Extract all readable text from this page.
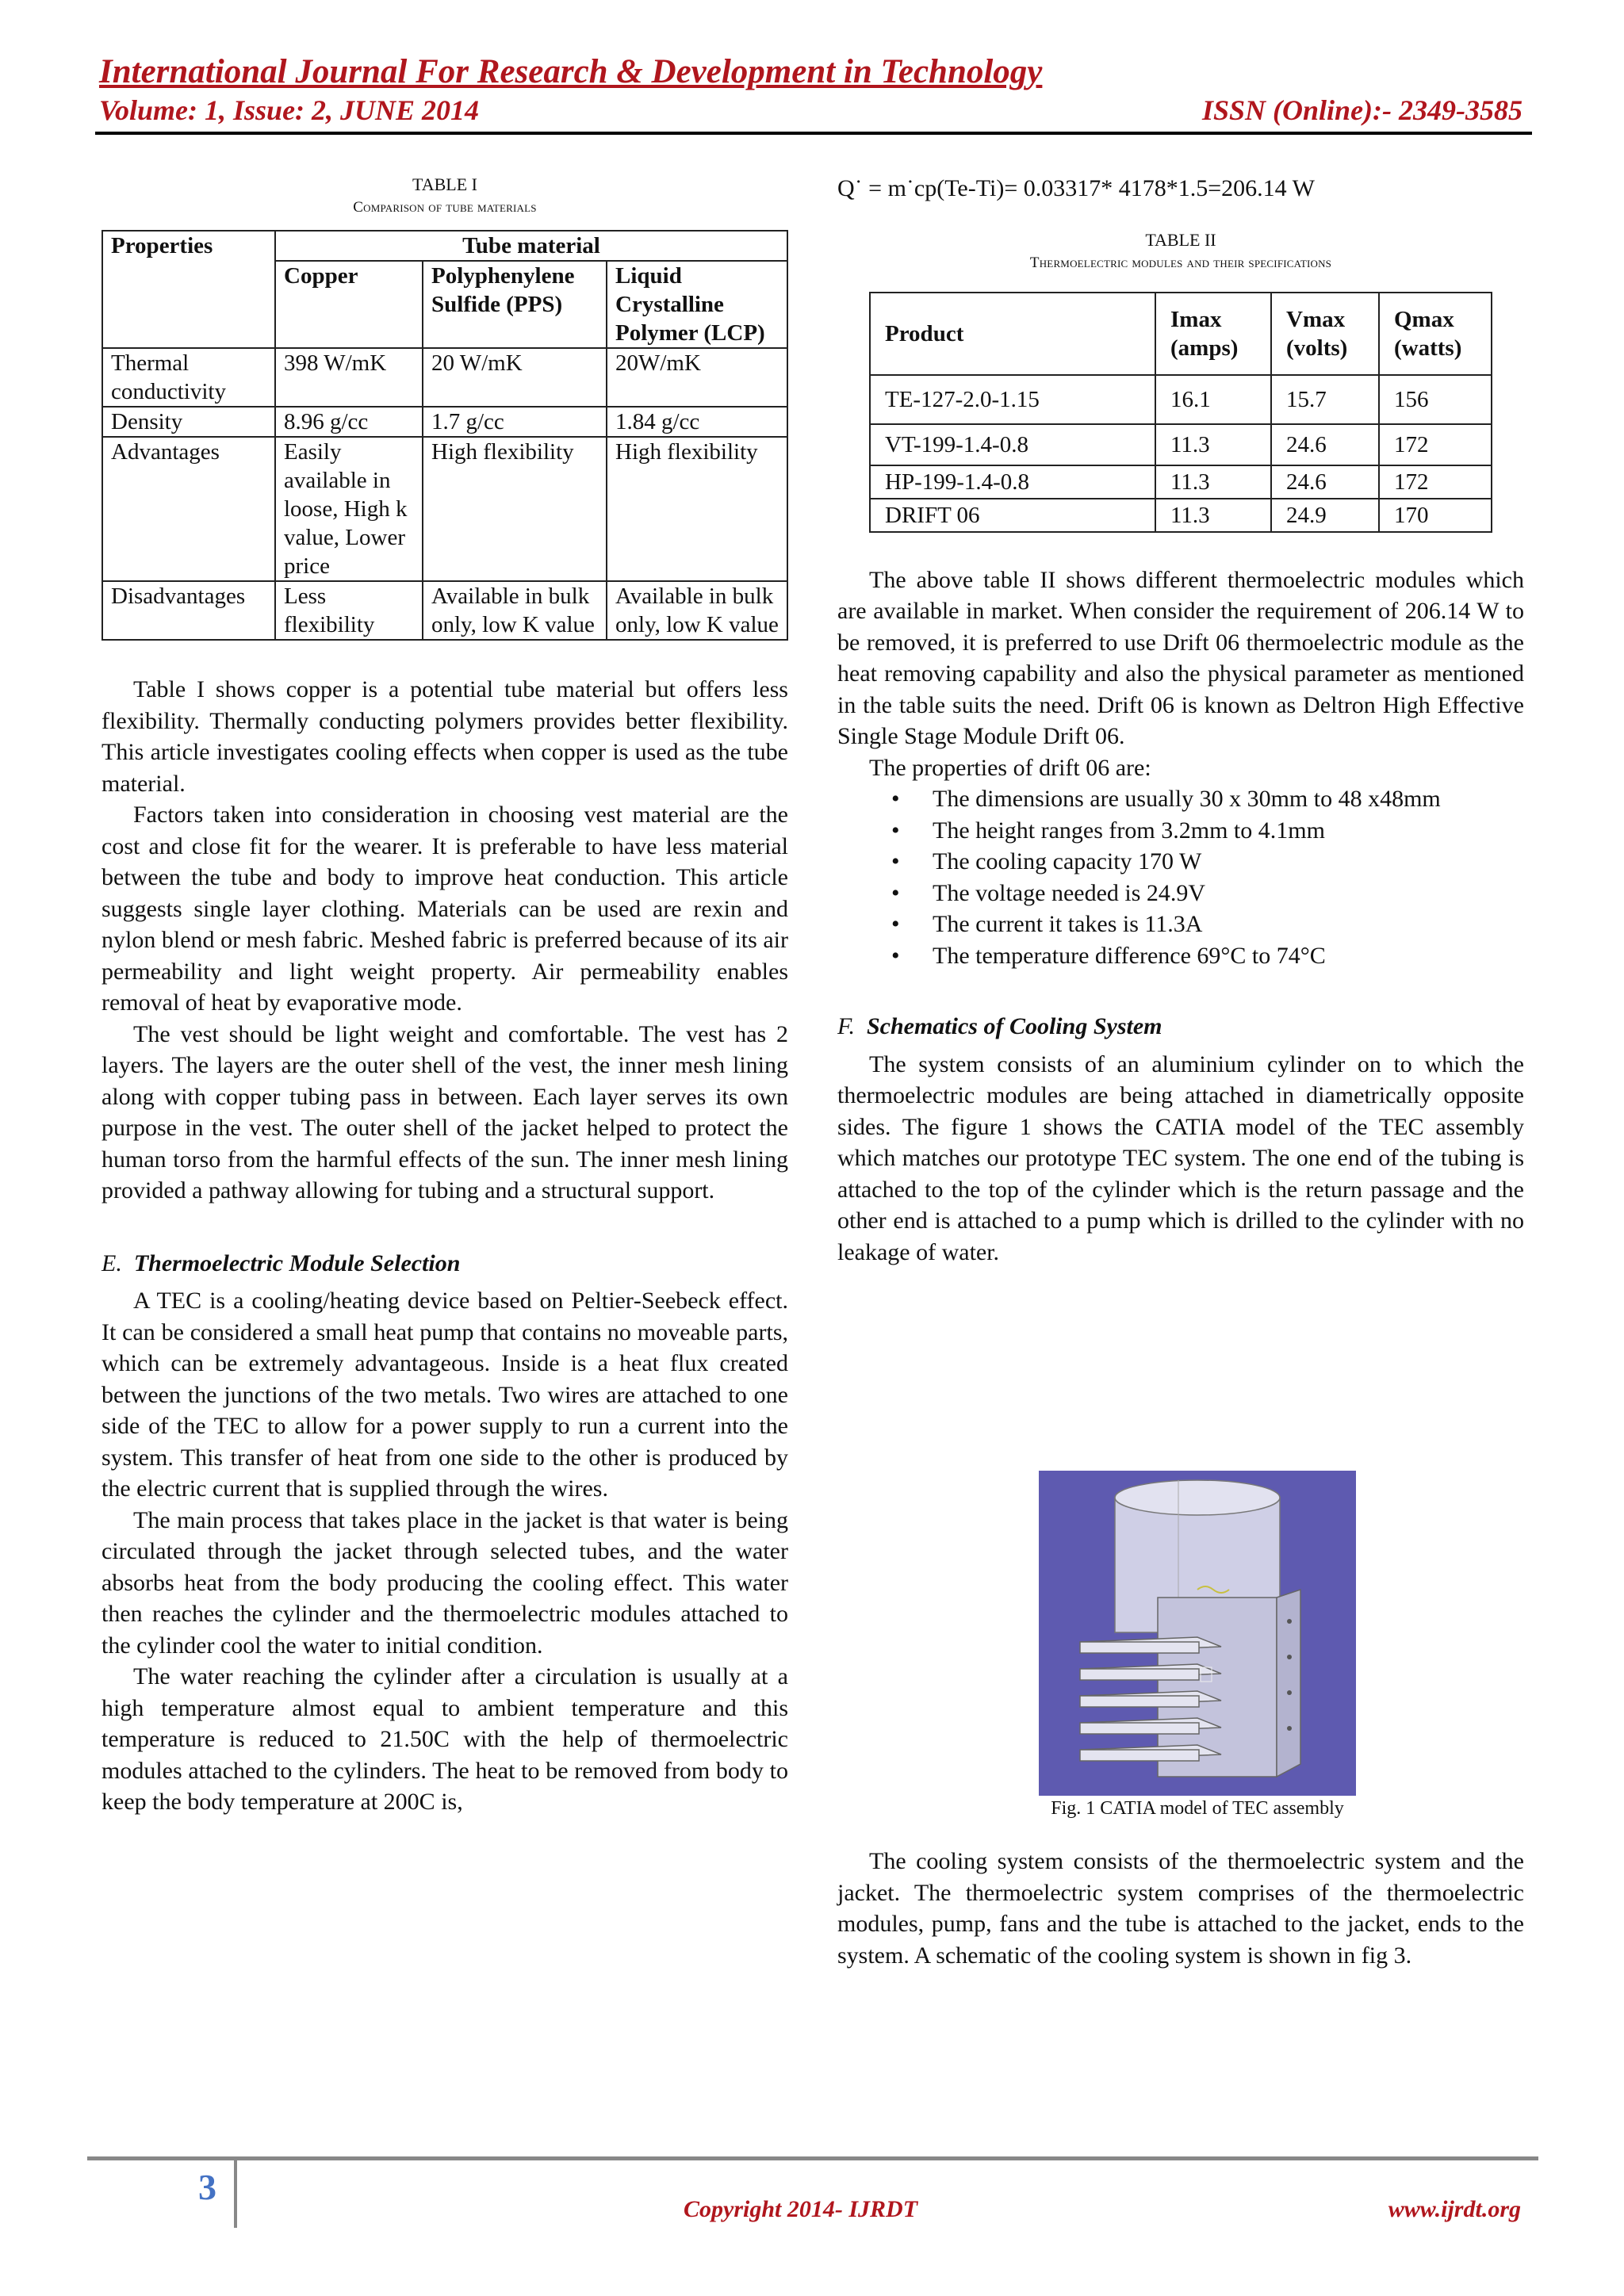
International Journal For Research & Development in Technology
Volume: 1, Issue: 2, JUNE 2014	ISSN (Online):- 2349-3585
TABLE I
Comparison of tube materials
Properties	Tube material		
	Copper	Polyphenylene Sulfide (PPS)	Liquid Crystalline Polymer (LCP)
Thermal conductivity	398 W/mK	20 W/mK	20W/mK
Density	8.96 g/cc	1.7 g/cc	1.84 g/cc
Advantages	Easily available in loose, High k value, Lower price	High flexibility	High flexibility
Disadvantages	Less flexibility	Available in bulk only, low K value	Available in bulk only, low K value

Table I shows copper is a potential tube material but offers less flexibility. Thermally conducting polymers provides better flexibility. This article investigates cooling effects when copper is used as the tube material.

Factors taken into consideration in choosing vest material are the cost and close fit for the wearer. It is preferable to have less material between the tube and body to improve heat conduction. This article suggests single layer clothing. Materials can be used are rexin and nylon blend or mesh fabric. Meshed fabric is preferred because of its air permeability and light weight property. Air permeability enables removal of heat by evaporative mode.

The vest should be light weight and comfortable. The vest has 2 layers. The layers are the outer shell of the vest, the inner mesh lining along with copper tubing pass in between. Each layer serves its own purpose in the vest. The outer shell of the jacket helped to protect the human torso from the harmful effects of the sun. The inner mesh lining provided a pathway allowing for tubing and a structural support.

E. Thermoelectric Module Selection

A TEC is a cooling/heating device based on Peltier‑Seebeck effect. It can be considered a small heat pump that contains no moveable parts, which can be extremely advantageous. Inside is a heat flux created between the junctions of the two metals. Two wires are attached to one side of the TEC to allow for a power supply to run a current into the system. This transfer of heat from one side to the other is produced by the electric current that is supplied through the wires.

The main process that takes place in the jacket is that water is being circulated through the jacket through selected tubes, and the water absorbs heat from the body producing the cooling effect. This water then reaches the cylinder and the thermoelectric modules attached to the cylinder cool the water to initial condition.

The water reaching the cylinder after a circulation is usually at a high temperature almost equal to ambient temperature and this temperature is reduced to 21.50C with the help of thermoelectric modules attached to the cylinders. The heat to be removed from body to keep the body temperature at 200C is,

Q˙ = m˙cp(Te-Ti)= 0.03317* 4178*1.5=206.14 W

TABLE II
Thermoelectric modules and their specifications
Product	Imax (amps)	Vmax (volts)	Qmax (watts)
TE-127-2.0-1.15	16.1	15.7	156
VT-199-1.4-0.8	11.3	24.6	172
HP-199-1.4-0.8	11.3	24.6	172
DRIFT 06	11.3	24.9	170

The above table II shows different thermoelectric modules which are available in market. When consider the requirement of 206.14 W to be removed, it is preferred to use Drift 06 thermoelectric module as the heat removing capability and also the physical parameter as mentioned in the table suits the need. Drift 06 is known as Deltron High Effective Single Stage Module Drift 06.

The properties of drift 06 are:

• The dimensions are usually 30 x 30mm to 48 x48mm
• The height ranges from 3.2mm to 4.1mm
• The cooling capacity 170 W
• The voltage needed is 24.9V
• The current it takes is 11.3A
• The temperature difference 69°C to 74°C

F. Schematics of Cooling System

The system consists of an aluminium cylinder on to which the thermoelectric modules are being attached in diametrically opposite sides. The figure 1 shows the CATIA model of the TEC assembly which matches our prototype TEC system. The one end of the tubing is attached to the top of the cylinder which is the return passage and the other end is attached to a pump which is drilled to the cylinder with no leakage of water.

Fig. 1 CATIA model of TEC assembly

The cooling system consists of the thermoelectric system and the jacket. The thermoelectric system comprises of the thermoelectric modules, pump, fans and the tube is attached to the jacket, ends to the system. A schematic of the cooling system is shown in fig 3.

3
Copyright 2014- IJRDT	www.ijrdt.org
